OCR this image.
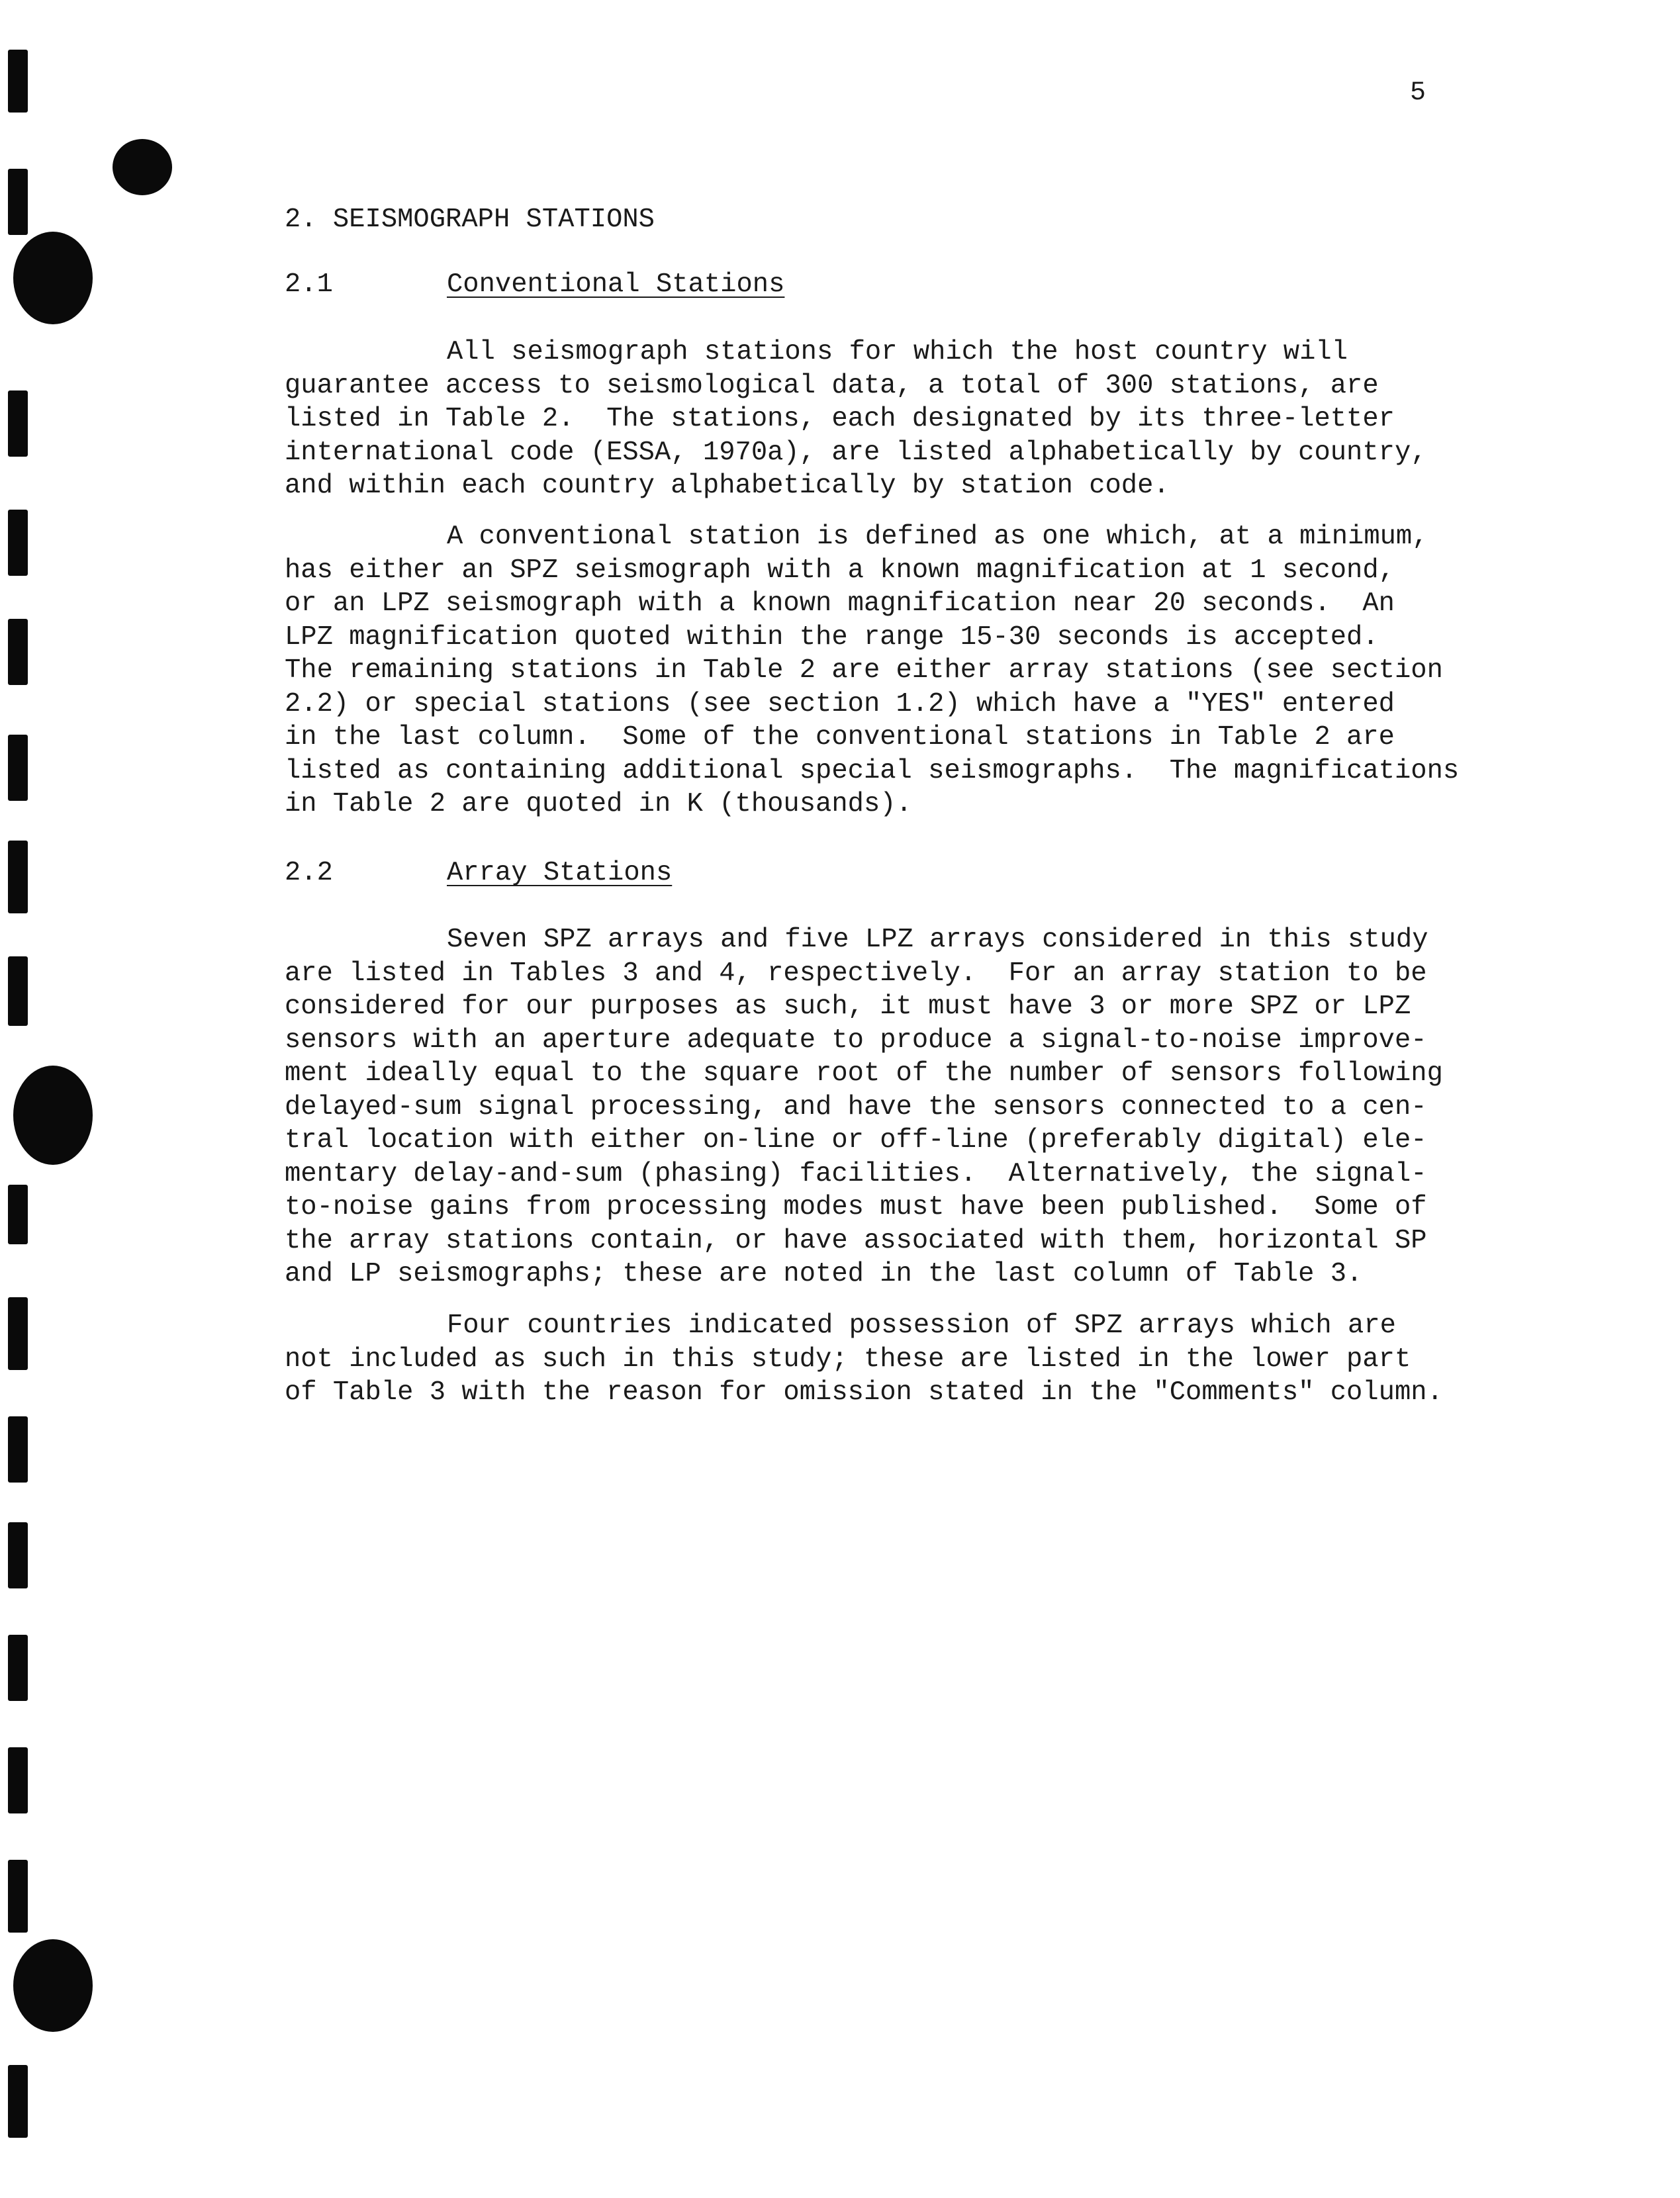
5
2. SEISMOGRAPH STATIONS
2.1	Conventional Stations
All seismograph stations for which the host country will
guarantee access to seismological data, a total of 300 stations, are
listed in Table 2.  The stations, each designated by its three-letter
international code (ESSA, 1970a), are listed alphabetically by country,
and within each country alphabetically by station code.
A conventional station is defined as one which, at a minimum,
has either an SPZ seismograph with a known magnification at 1 second,
or an LPZ seismograph with a known magnification near 20 seconds.  An
LPZ magnification quoted within the range 15-30 seconds is accepted.
The remaining stations in Table 2 are either array stations (see section
2.2) or special stations (see section 1.2) which have a "YES" entered
in the last column.  Some of the conventional stations in Table 2 are
listed as containing additional special seismographs.  The magnifications
in Table 2 are quoted in K (thousands).
2.2	Array Stations
Seven SPZ arrays and five LPZ arrays considered in this study
are listed in Tables 3 and 4, respectively.  For an array station to be
considered for our purposes as such, it must have 3 or more SPZ or LPZ
sensors with an aperture adequate to produce a signal-to-noise improve-
ment ideally equal to the square root of the number of sensors following
delayed-sum signal processing, and have the sensors connected to a cen-
tral location with either on-line or off-line (preferably digital) ele-
mentary delay-and-sum (phasing) facilities.  Alternatively, the signal-
to-noise gains from processing modes must have been published.  Some of
the array stations contain, or have associated with them, horizontal SP
and LP seismographs; these are noted in the last column of Table 3.
Four countries indicated possession of SPZ arrays which are
not included as such in this study; these are listed in the lower part
of Table 3 with the reason for omission stated in the "Comments" column.
